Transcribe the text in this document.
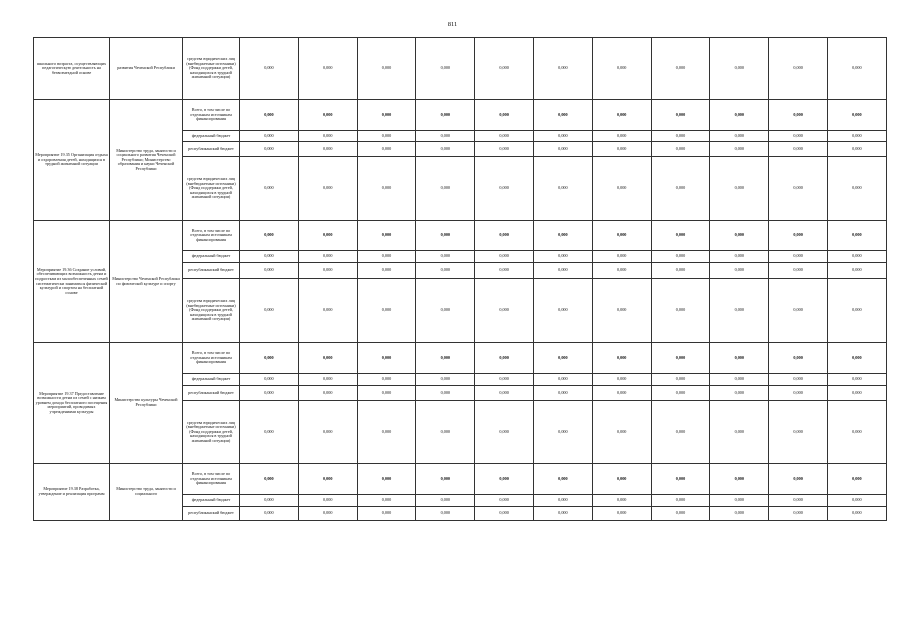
811
школьного возраста, осуществляющих педагогическую деятельность на безвозмездной основе	развития Чеченской Республики	средства юридических лиц (внебюджетные источники) (Фонд поддержки детей, находящихся в трудной жизненной ситуации)	0,000	0,000	0,000	0,000	0,000	0,000	0,000	0,000	0,000	0,000	0,000
Мероприятие 19.35 Организация отдыха и оздоровления детей, находящихся в трудной жизненной ситуации	Министерство труда, занятости и социального развития Чеченской Республики; Министерство образования и науки Чеченской Республики	Всего, в том числе по отдельным источникам финансирования	0,000	0,000	0,000	0,000	0,000	0,000	0,000	0,000	0,000	0,000	0,000
		федеральный бюджет	0,000	0,000	0,000	0,000	0,000	0,000	0,000	0,000	0,000	0,000	0,000
		республиканский бюджет	0,000	0,000	0,000	0,000	0,000	0,000	0,000	0,000	0,000	0,000	0,000
		средства юридических лиц (внебюджетные источники) (Фонд поддержки детей, находящихся в трудной жизненной ситуации)	0,000	0,000	0,000	0,000	0,000	0,000	0,000	0,000	0,000	0,000	0,000
Мероприятие 19.36 Создание условий, обеспечивающих возможность детям и подросткам из малообеспеченных семей систематически заниматься физической культурой и спортом на бесплатной основе	Министерство Чеченской Республики по физической культуре и спорту	Всего, в том числе по отдельным источникам финансирования	0,000	0,000	0,000	0,000	0,000	0,000	0,000	0,000	0,000	0,000	0,000
		федеральный бюджет	0,000	0,000	0,000	0,000	0,000	0,000	0,000	0,000	0,000	0,000	0,000
		республиканский бюджет	0,000	0,000	0,000	0,000	0,000	0,000	0,000	0,000	0,000	0,000	0,000
		средства юридических лиц (внебюджетные источники) (Фонд поддержки детей, находящихся в трудной жизненной ситуации)	0,000	0,000	0,000	0,000	0,000	0,000	0,000	0,000	0,000	0,000	0,000
Мероприятие 19.37 Предоставление возможности детям из семей с низким уровнем дохода бесплатного посещения мероприятий, проводимых учреждениями культуры	Министерство культуры Чеченской Республики	Всего, в том числе по отдельным источникам финансирования	0,000	0,000	0,000	0,000	0,000	0,000	0,000	0,000	0,000	0,000	0,000
		федеральный бюджет	0,000	0,000	0,000	0,000	0,000	0,000	0,000	0,000	0,000	0,000	0,000
		республиканский бюджет	0,000	0,000	0,000	0,000	0,000	0,000	0,000	0,000	0,000	0,000	0,000
		средства юридических лиц (внебюджетные источники) (Фонд поддержки детей, находящихся в трудной жизненной ситуации)	0,000	0,000	0,000	0,000	0,000	0,000	0,000	0,000	0,000	0,000	0,000
Мероприятие 19.38 Разработка, утверждение и реализация программ	Министерство труда, занятости и социального	Всего, в том числе по отдельным источникам финансирования	0,000	0,000	0,000	0,000	0,000	0,000	0,000	0,000	0,000	0,000	0,000
		федеральный бюджет	0,000	0,000	0,000	0,000	0,000	0,000	0,000	0,000	0,000	0,000	0,000
		республиканский бюджет	0,000	0,000	0,000	0,000	0,000	0,000	0,000	0,000	0,000	0,000	0,000
